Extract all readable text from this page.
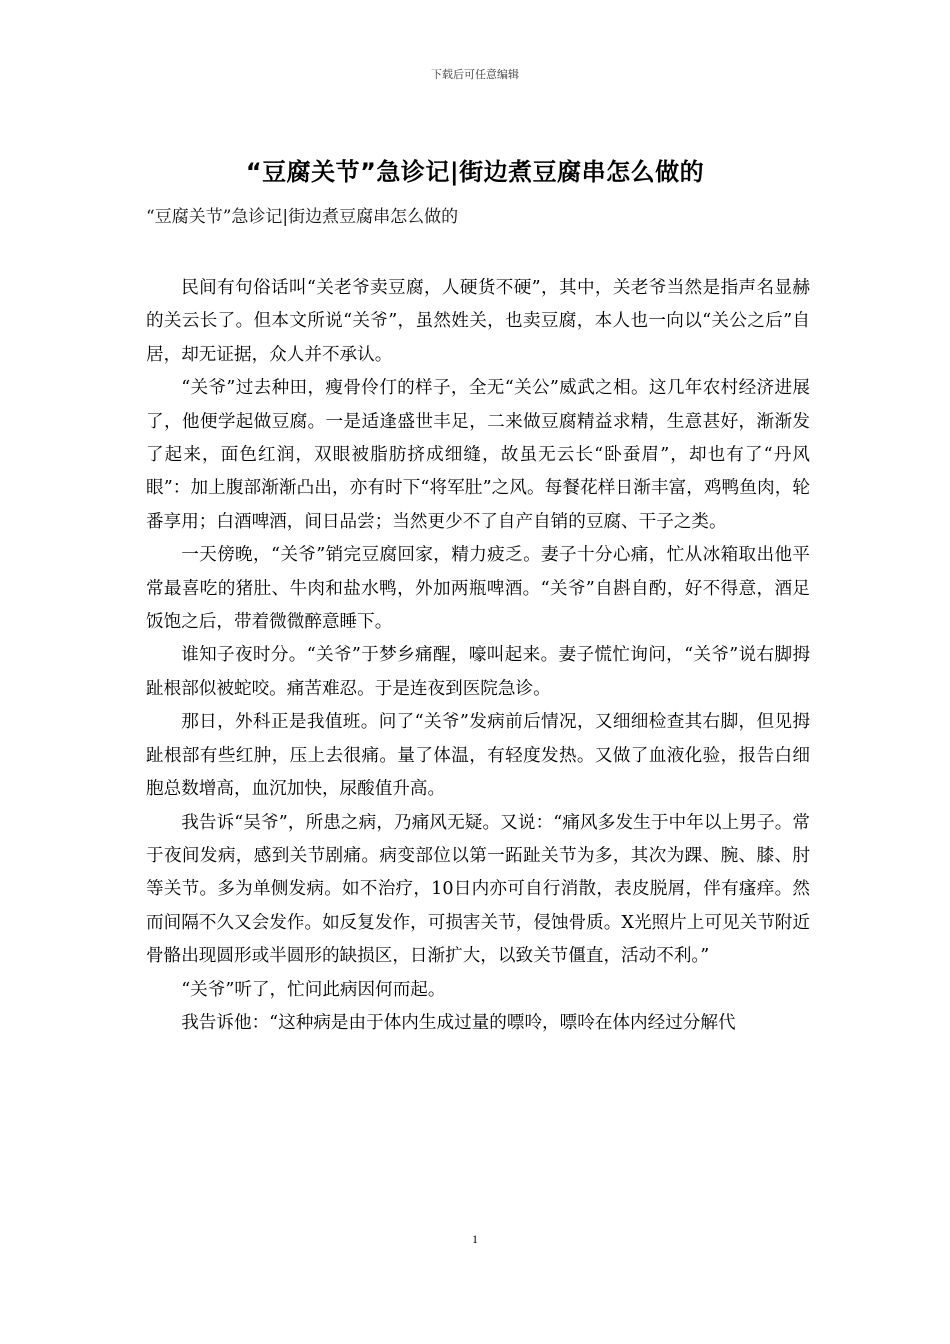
下载后可任意编辑
“豆腐关节”急诊记|街边煮豆腐串怎么做的
“豆腐关节”急诊记|街边煮豆腐串怎么做的

民间有句俗话叫“关老爷卖豆腐，人硬货不硬”，其中，关老爷当然是指声名显赫的关云长了。但本文所说“关爷”，虽然姓关，也卖豆腐，本人也一向以“关公之后”自居，却无证据，众人并不承认。

“关爷”过去种田，瘦骨伶仃的样子，全无“关公”威武之相。这几年农村经济进展了，他便学起做豆腐。一是适逢盛世丰足，二来做豆腐精益求精，生意甚好，渐渐发了起来，面色红润，双眼被脂肪挤成细缝，故虽无云长“卧蚕眉”，却也有了“丹风眼”：加上腹部渐渐凸出，亦有时下“将军肚”之风。每餐花样日渐丰富，鸡鸭鱼肉，轮番享用；白酒啤酒，间日品尝；当然更少不了自产自销的豆腐、干子之类。

一天傍晚，“关爷”销完豆腐回家，精力疲乏。妻子十分心痛，忙从冰箱取出他平常最喜吃的猪肚、牛肉和盐水鸭，外加两瓶啤酒。“关爷”自斟自酌，好不得意，酒足饭饱之后，带着微微醉意睡下。

谁知子夜时分。“关爷”于梦乡痛醒，嚎叫起来。妻子慌忙询问，“关爷”说右脚拇趾根部似被蛇咬。痛苦难忍。于是连夜到医院急诊。

那日，外科正是我值班。问了“关爷”发病前后情况，又细细检查其右脚，但见拇趾根部有些红肿，压上去很痛。量了体温，有轻度发热。又做了血液化验，报告白细胞总数增高，血沉加快，尿酸值升高。

我告诉“吴爷”，所患之病，乃痛风无疑。又说：“痛风多发生于中年以上男子。常于夜间发病，感到关节剧痛。病变部位以第一跖趾关节为多，其次为踝、腕、膝、肘等关节。多为单侧发病。如不治疗，10日内亦可自行消散，表皮脱屑，伴有瘙痒。然而间隔不久又会发作。如反复发作，可损害关节，侵蚀骨质。X光照片上可见关节附近骨骼出现圆形或半圆形的缺损区，日渐扩大，以致关节僵直，活动不利。”

“关爷”听了，忙问此病因何而起。

我告诉他：“这种病是由于体内生成过量的嘌呤，嘌呤在体内经过分解代

1
